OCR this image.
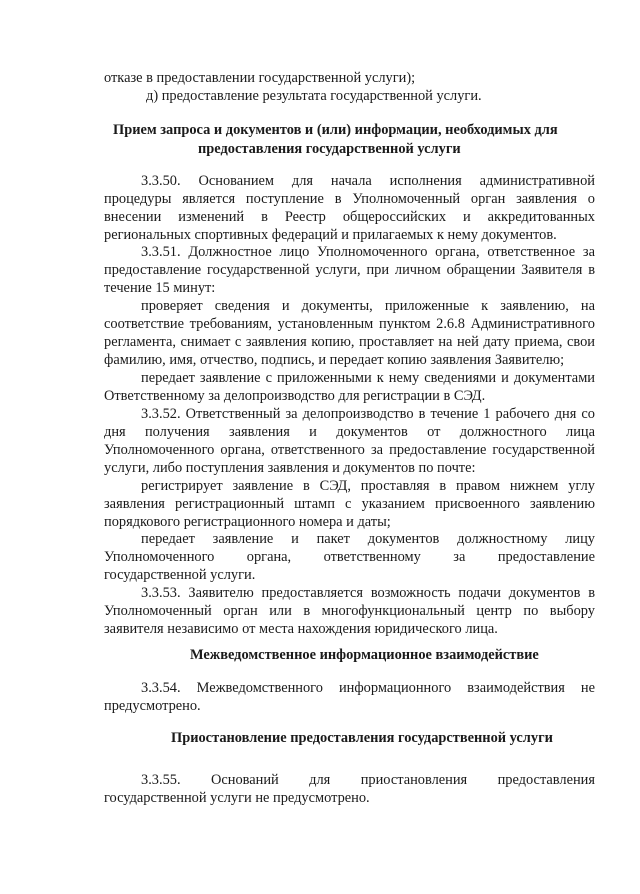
отказе в предоставлении государственной услуги);
д) предоставление результата государственной услуги.
Прием запроса и документов и (или) информации, необходимых для
предоставления государственной услуги
3.3.50. Основанием для начала исполнения административной
процедуры является поступление в Уполномоченный орган заявления о
внесении изменений в Реестр общероссийских и аккредитованных
региональных спортивных федераций и прилагаемых к нему документов.
3.3.51. Должностное лицо Уполномоченного органа, ответственное за
предоставление государственной услуги, при личном обращении Заявителя в
течение 15 минут:
проверяет сведения и документы, приложенные к заявлению, на
соответствие требованиям, установленным пунктом 2.6.8 Административного
регламента, снимает с заявления копию, проставляет на ней дату приема, свои
фамилию, имя, отчество, подпись, и передает копию заявления Заявителю;
передает заявление с приложенными к нему сведениями и документами
Ответственному за делопроизводство для регистрации в СЭД.
3.3.52. Ответственный за делопроизводство в течение 1 рабочего дня со
дня получения заявления и документов от должностного лица
Уполномоченного органа, ответственного за предоставление государственной
услуги, либо поступления заявления и документов по почте:
регистрирует заявление в СЭД, проставляя в правом нижнем углу
заявления регистрационный штамп с указанием присвоенного заявлению
порядкового регистрационного номера и даты;
передает заявление и пакет документов должностному лицу
Уполномоченного органа, ответственному за предоставление
государственной услуги.
3.3.53. Заявителю предоставляется возможность подачи документов в
Уполномоченный орган или в многофункциональный центр по выбору
заявителя независимо от места нахождения юридического лица.
Межведомственное информационное взаимодействие
3.3.54. Межведомственного информационного взаимодействия не
предусмотрено.
Приостановление предоставления государственной услуги
3.3.55. Оснований для приостановления предоставления
государственной услуги не предусмотрено.
